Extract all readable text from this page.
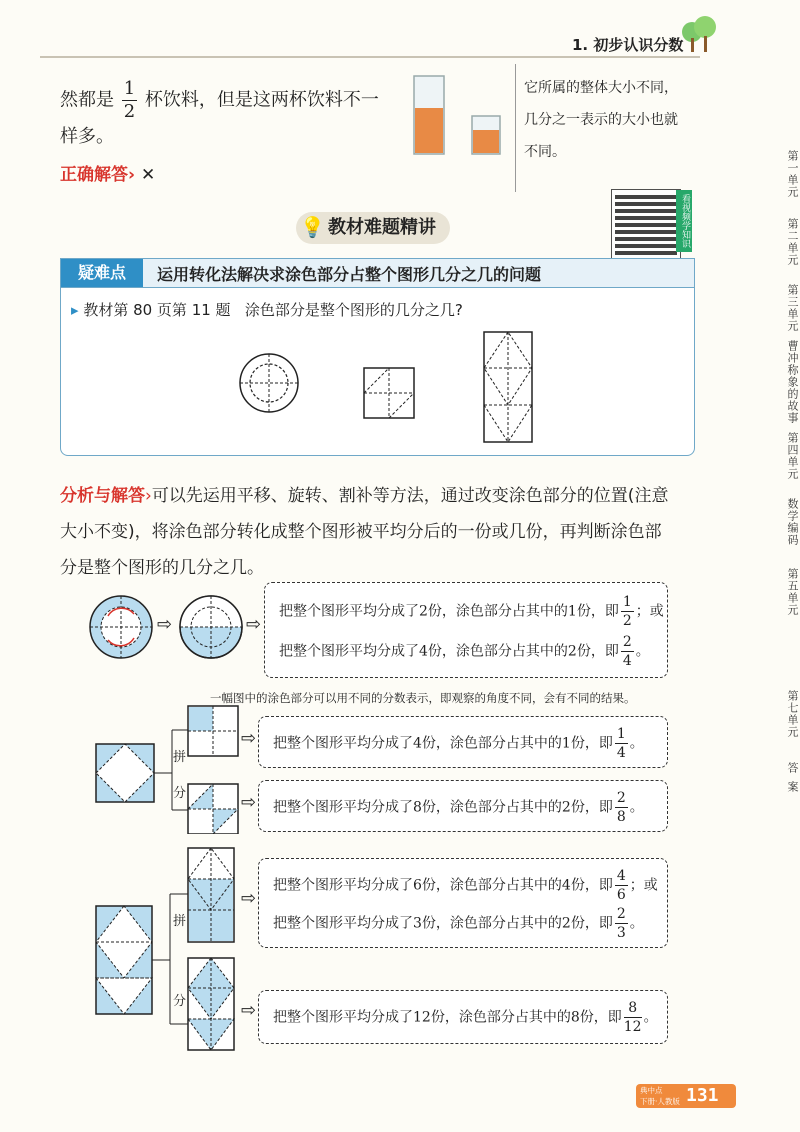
1. 初步认识分数
然都是 $\frac{1}{2}$ 杯饮料，但是这两杯饮料不一
样多。
正确解答› ✕
它所属的整体大小不同，
几分之一表示的大小也就
不同。
💡 教材难题精讲	看视频学知识
疑难点	运用转化法解决求涂色部分占整个图形几分之几的问题
▸ 教材第 80 页第 11 题 涂色部分是整个图形的几分之几?
分析与解答›可以先运用平移、旋转、割补等方法，通过改变涂色部分的位置(注意
大小不变)，将涂色部分转化成整个图形被平均分后的一份或几份，再判断涂色部
分是整个图形的几分之几。
⇨	⇨
把整个图形平均分成了2份，涂色部分占其中的1份，即 $\frac{1}{2}$ ；或
把整个图形平均分成了4份，涂色部分占其中的2份，即 $\frac{2}{4}$ 。
一幅图中的涂色部分可以用不同的分数表示，即观察的角度不同，会有不同的结果。
拼
分
⇨
⇨
把整个图形平均分成了4份，涂色部分占其中的1份，即 $\frac{1}{4}$ 。
把整个图形平均分成了8份，涂色部分占其中的2份，即 $\frac{2}{8}$ 。
拼
分
⇨
⇨
把整个图形平均分成了6份，涂色部分占其中的4份，即 $\frac{4}{6}$ ；或
把整个图形平均分成了3份，涂色部分占其中的2份，即 $\frac{2}{3}$ 。
把整个图形平均分成了12份，涂色部分占其中的8份，即 $\frac{8}{12}$ 。
第一单元
第二单元
第三单元
曹冲称象的故事
第四单元
数学编码
第五单元
第七单元
答案
典中点
下册·人教版 131
